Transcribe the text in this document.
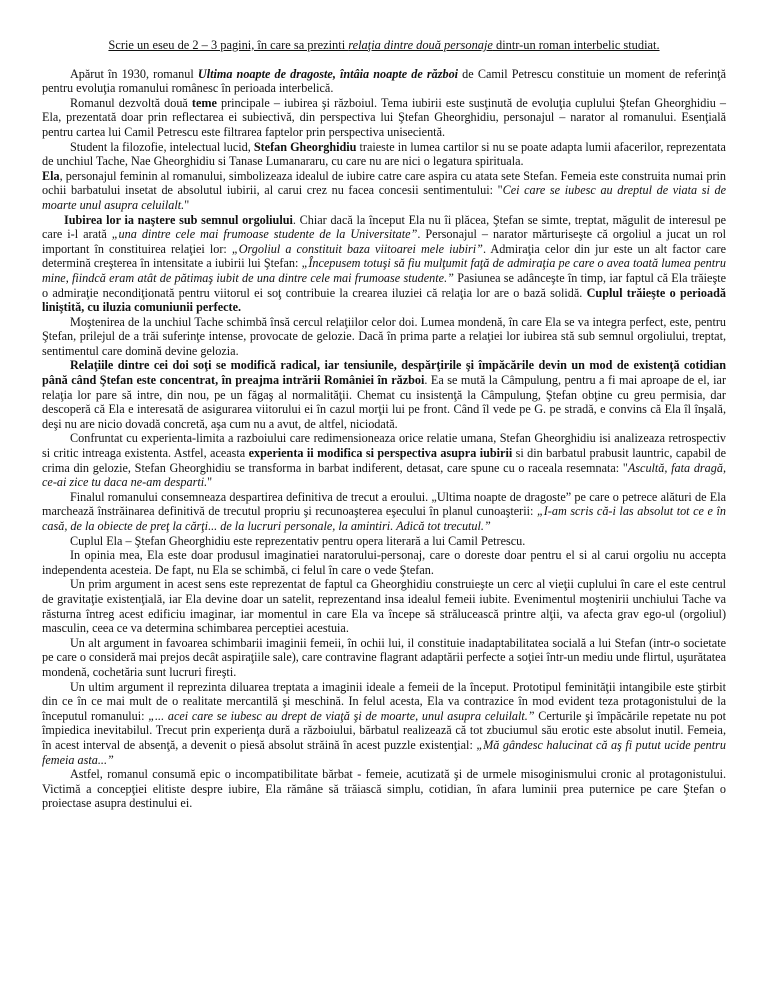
Scrie un eseu de 2 – 3 pagini, în care sa prezinti relaţia dintre două personaje dintr-un roman interbelic studiat.

Apărut în 1930, romanul Ultima noapte de dragoste, întâia noapte de război de Camil Petrescu constituie un moment de referinţă pentru evoluţia romanului românesc în perioada interbelică.

Romanul dezvoltă două teme principale – iubirea şi războiul. Tema iubirii este susţinută de evoluţia cuplului Ştefan Gheorghidiu – Ela, prezentată doar prin reflectarea ei subiectivă, din perspectiva lui Ştefan Gheorghidiu, personajul – narator al romanului. Esenţială pentru cartea lui Camil Petrescu este filtrarea faptelor prin perspectiva unisecientă.

Student la filozofie, intelectual lucid, Stefan Gheorghidiu traieste in lumea cartilor si nu se poate adapta lumii afacerilor, reprezentata de unchiul Tache, Nae Gheorghidiu si Tanase Lumanararu, cu care nu are nici o legatura spirituala.

Ela, personajul feminin al romanului, simbolizeaza idealul de iubire catre care aspira cu atata sete Stefan. Femeia este construita numai prin ochii barbatului insetat de absolutul iubirii, al carui crez nu facea concesii sentimentului: "Cei care se iubesc au dreptul de viata si de moarte unul asupra celuilalt."

Iubirea lor ia naştere sub semnul orgoliului. Chiar dacă la început Ela nu îi plăcea, Ştefan se simte, treptat, măgulit de interesul pe care i-l arată „una dintre cele mai frumoase studente de la Universitate”. Personajul – narator mărturiseşte că orgoliul a jucat un rol important în constituirea relaţiei lor: „Orgoliul a constituit baza viitoarei mele iubiri”. Admiraţia celor din jur este un alt factor care determină creşterea în intensitate a iubirii lui Ştefan: „Începusem totuşi să fiu mulţumit faţă de admiraţia pe care o avea toată lumea pentru mine, fiindcă eram atât de pătimaş iubit de una dintre cele mai frumoase studente.” Pasiunea se adânceşte în timp, iar faptul că Ela trăieşte o admiraţie necondiţionată pentru viitorul ei soţ contribuie la crearea iluziei că relaţia lor are o bază solidă. Cuplul trăieşte o perioadă liniştită, cu iluzia comuniunii perfecte.

Moştenirea de la unchiul Tache schimbă însă cercul relaţiilor celor doi. Lumea mondenă, în care Ela se va integra perfect, este, pentru Ştefan, prilejul de a trăi suferinţe intense, provocate de gelozie. Dacă în prima parte a relaţiei lor iubirea stă sub semnul orgoliului, treptat, sentimentul care domină devine gelozia.

Relaţiile dintre cei doi soţi se modifică radical, iar tensiunile, despărţirile şi împăcările devin un mod de existenţă cotidian până când Ştefan este concentrat, în preajma intrării României în război. Ea se mută la Câmpulung, pentru a fi mai aproape de el, iar relaţia lor pare să intre, din nou, pe un făgaş al normalităţii. Chemat cu insistenţă la Câmpulung, Ştefan obţine cu greu permisia, dar descoperă că Ela e interesată de asigurarea viitorului ei în cazul morţii lui pe front. Când îl vede pe G. pe stradă, e convins că Ela îl înşală, deşi nu are nicio dovadă concretă, aşa cum nu a avut, de altfel, niciodată.

Confruntat cu experienta-limita a razboiului care redimensioneaza orice relatie umana, Stefan Gheorghidiu isi analizeaza retrospectiv si critic intreaga existenta. Astfel, aceasta experienta ii modifica si perspectiva asupra iubirii si din barbatul prabusit launtric, capabil de crima din gelozie, Stefan Gheorghidiu se transforma in barbat indiferent, detasat, care spune cu o raceala resemnata: "Ascultă, fata dragă, ce-ai zice tu daca ne-am desparti."

Finalul romanului consemneaza despartirea definitiva de trecut a eroului. „Ultima noapte de dragoste” pe care o petrece alături de Ela marchează înstrăinarea definitivă de trecutul propriu şi recunoaşterea eşecului în planul cunoaşterii: „I-am scris că-i las absolut tot ce e în casă, de la obiecte de preţ la cărţi... de la lucruri personale, la amintiri. Adică tot trecutul.”

Cuplul Ela – Ştefan Gheorghidiu este reprezentativ pentru opera literară a lui Camil Petrescu.

In opinia mea, Ela este doar produsul imaginatiei naratorului-personaj, care o doreste doar pentru el si al carui orgoliu nu accepta independenta acesteia. De fapt, nu Ela se schimbă, ci felul în care o vede Ştefan.

Un prim argument in acest sens este reprezentat de faptul ca Gheorghidiu construieşte un cerc al vieţii cuplului în care el este centrul de gravitaţie existenţială, iar Ela devine doar un satelit, reprezentand insa idealul femeii iubite. Evenimentul moştenirii unchiului Tache va răsturna întreg acest edificiu imaginar, iar momentul in care Ela va începe să strălucească printre alţii, va afecta grav ego-ul (orgoliul) masculin, ceea ce va determina schimbarea perceptiei acestuia.

Un alt argument in favoarea schimbarii imaginii femeii, în ochii lui, il constituie inadaptabilitatea socială a lui Stefan (intr-o societate pe care o consideră mai prejos decât aspiraţiile sale), care contravine flagrant adaptării perfecte a soţiei într-un mediu unde flirtul, uşurătatea mondenă, cochetăria sunt lucruri fireşti.

Un ultim argument il reprezinta diluarea treptata a imaginii ideale a femeii de la început. Prototipul feminităţii intangibile este ştirbit din ce în ce mai mult de o realitate mercantilă şi meschină. In felul acesta, Ela va contrazice în mod evident teza protagonistului de la începutul romanului: „... acei care se iubesc au drept de viaţă şi de moarte, unul asupra celuilalt.” Certurile şi împăcările repetate nu pot împiedica inevitabilul. Trecut prin experienţa dură a războiului, bărbatul realizează că tot zbuciumul său erotic este absolut inutil. Femeia, în acest interval de absenţă, a devenit o piesă absolut străină în acest puzzle existenţial: „Mă gândesc halucinat că aş fi putut ucide pentru femeia asta...”

Astfel, romanul consumă epic o incompatibilitate bărbat - femeie, acutizată şi de urmele misoginismului cronic al protagonistului. Victimă a concepţiei elitiste despre iubire, Ela rămâne să trăiască simplu, cotidian, în afara luminii prea puternice pe care Ştefan o proiectase asupra destinului ei.
